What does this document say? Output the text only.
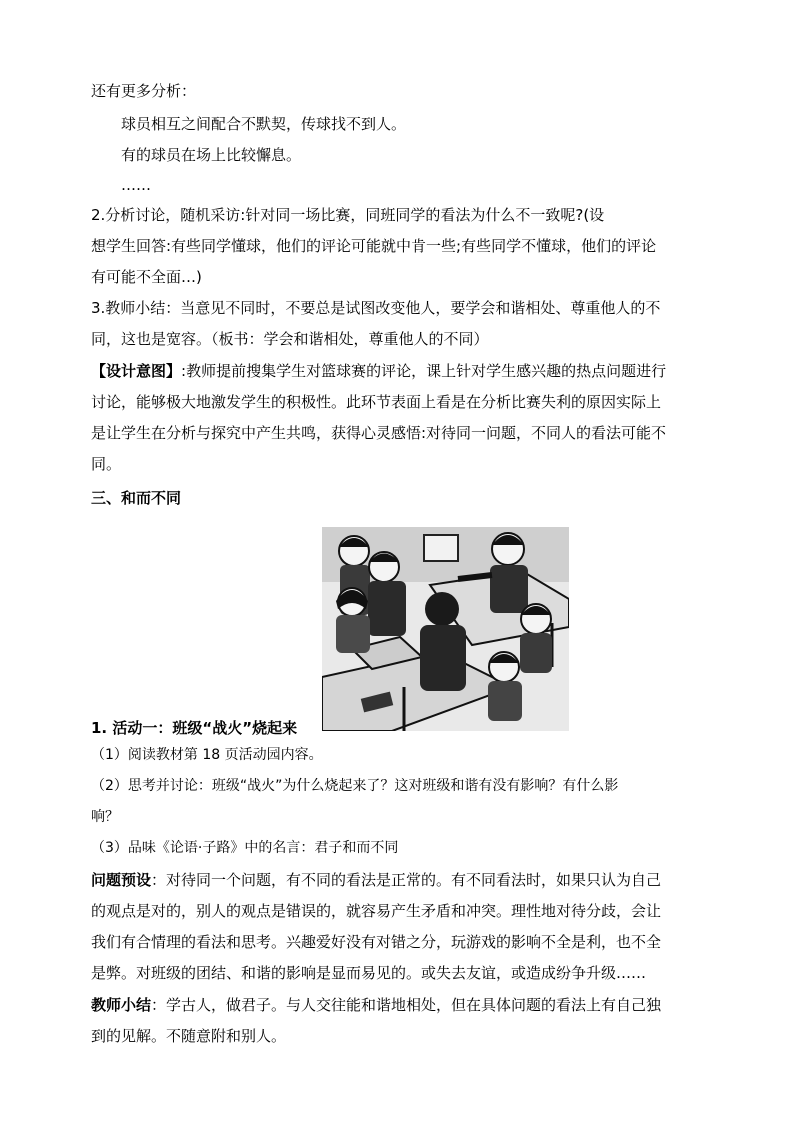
还有更多分析：
球员相互之间配合不默契，传球找不到人。
有的球员在场上比较懈息。
……
2.分析讨论，随机采访:针对同一场比赛，同班同学的看法为什么不一致呢?(设
想学生回答:有些同学懂球，他们的评论可能就中肯一些;有些同学不懂球，他们的评论
有可能不全面…)
3.教师小结：当意见不同时，不要总是试图改变他人，要学会和谐相处、尊重他人的不
同，这也是宽容。（板书：学会和谐相处，尊重他人的不同）
【设计意图】:教师提前搜集学生对篮球赛的评论，课上针对学生感兴趣的热点问题进行
讨论，能够极大地激发学生的积极性。此环节表面上看是在分析比赛失利的原因实际上
是让学生在分析与探究中产生共鸣，获得心灵感悟:对待同一问题，不同人的看法可能不
同。
三、和而不同
1. 活动一：班级“战火”烧起来
（1）阅读教材第 18 页活动园内容。
（2）思考并讨论：班级“战火”为什么烧起来了？这对班级和谐有没有影响？有什么影
响？
（3）品味《论语·子路》中的名言：君子和而不同
问题预设：对待同一个问题，有不同的看法是正常的。有不同看法时，如果只认为自己
的观点是对的，别人的观点是错误的，就容易产生矛盾和冲突。理性地对待分歧，会让
我们有合情理的看法和思考。兴趣爱好没有对错之分，玩游戏的影响不全是利，也不全
是弊。对班级的团结、和谐的影响是显而易见的。或失去友谊，或造成纷争升级……
教师小结：学古人，做君子。与人交往能和谐地相处，但在具体问题的看法上有自己独
到的见解。不随意附和别人。
